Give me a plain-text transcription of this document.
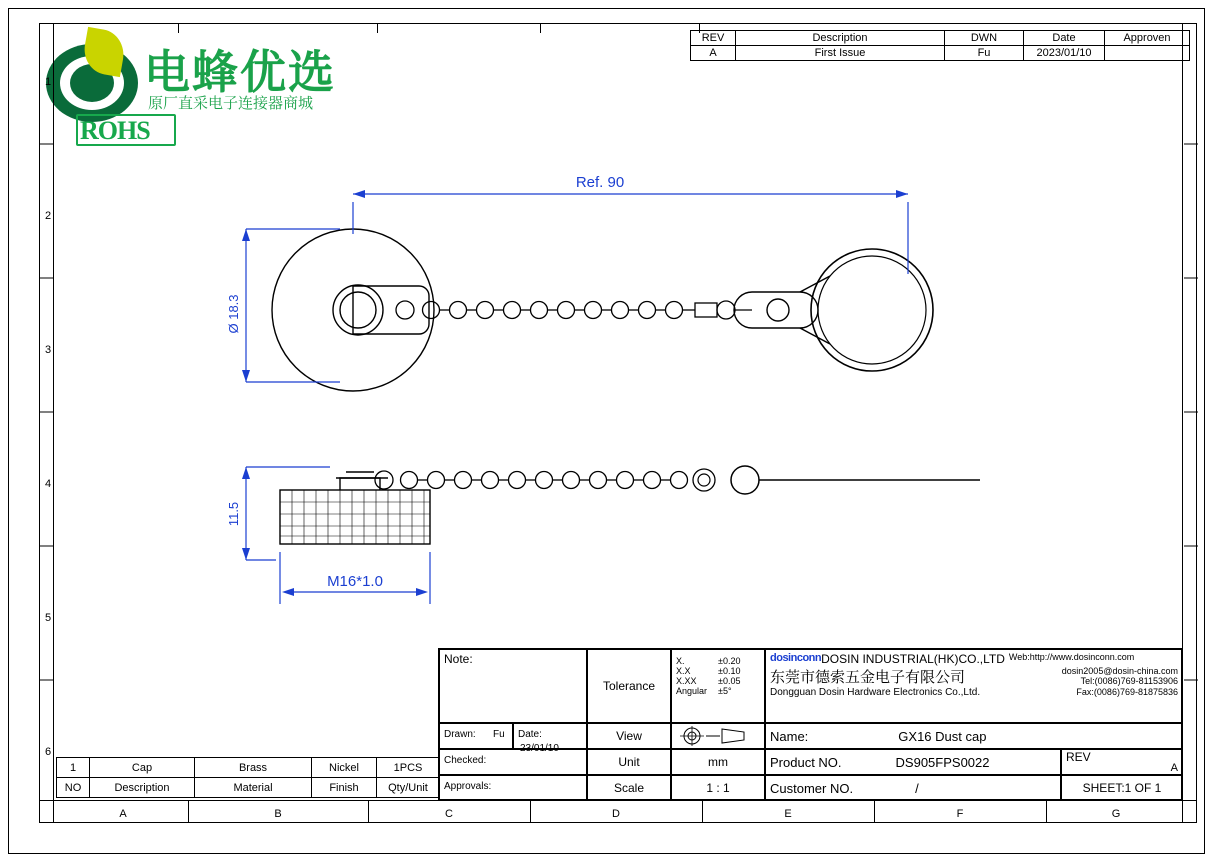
电蜂优选
原厂直采电子连接器商城
ROHS
REV	Description	DWN	Date	Approven
A	First Issue	Fu	2023/01/10	
1
2
3
4
5
6
Ref. 90
Ø 18.3
11.5
M16*1.0
A	B	C	D	E	F	G
1	Cap	Brass	Nickel	1PCS
NO	Description	Material	Finish	Qty/Unit
Note:
Drawn: Fu	Date: 23/01/10
Checked:
Approvals:
Tolerance
View
Unit
Scale
X.	±0.20
X.X	±0.10
X.XX	±0.05
Angular	±5°
mm
1 : 1
dosinconn DOSIN INDUSTRIAL(HK)CO.,LTD Web:http://www.dosinconn.com
东莞市德索五金电子有限公司	dosin2005@dosin-china.com
Tel:(0086)769-81153906
Dongguan Dosin Hardware Electronics Co.,Ltd.	Fax:(0086)769-81875836
Name:	GX16 Dust cap
Product NO.	DS905FPS0022
Customer NO.	/
REV
A
SHEET:1 OF 1
